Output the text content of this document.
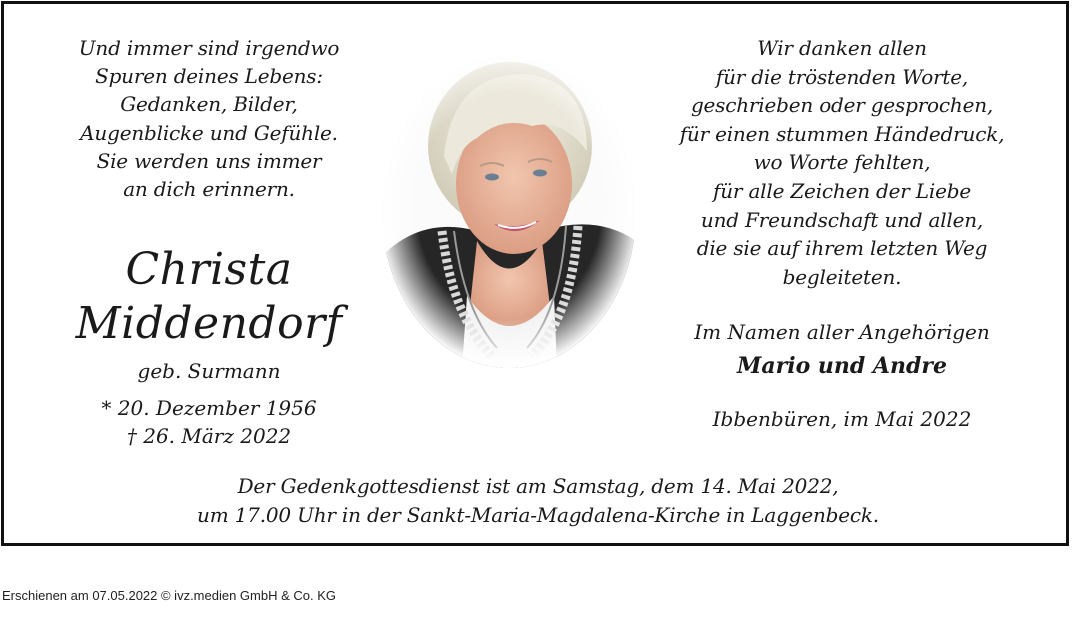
Und immer sind irgendwo
Spuren deines Lebens:
Gedanken, Bilder,
Augenblicke und Gefühle.
Sie werden uns immer
an dich erinnern.
Christa
Middendorf
geb. Surmann
* 20. Dezember 1956
† 26. März 2022
Wir danken allen
für die tröstenden Worte,
geschrieben oder gesprochen,
für einen stummen Händedruck,
wo Worte fehlten,
für alle Zeichen der Liebe
und Freundschaft und allen,
die sie auf ihrem letzten Weg
begleiteten.
Im Namen aller Angehörigen
Mario und Andre
Ibbenbüren, im Mai 2022
Der Gedenkgottesdienst ist am Samstag, dem 14. Mai 2022,
um 17.00 Uhr in der Sankt-Maria-Magdalena-Kirche in Laggenbeck.
Erschienen am 07.05.2022 © ivz.medien GmbH & Co. KG
